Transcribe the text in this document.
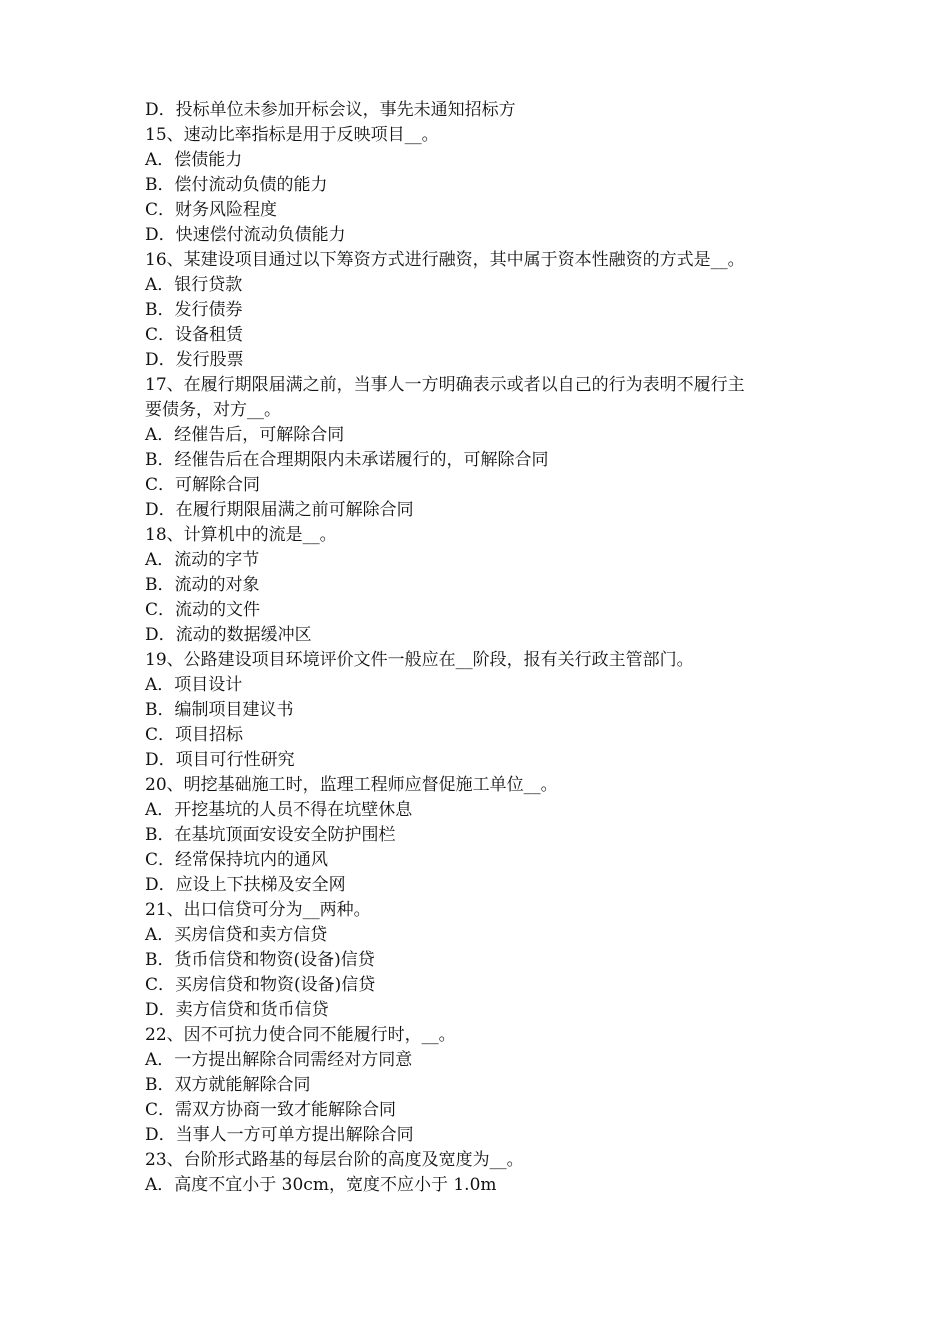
D．投标单位未参加开标会议，事先未通知招标方
15、速动比率指标是用于反映项目__。
A．偿债能力
B．偿付流动负债的能力
C．财务风险程度
D．快速偿付流动负债能力
16、某建设项目通过以下筹资方式进行融资，其中属于资本性融资的方式是__。
A．银行贷款
B．发行债券
C．设备租赁
D．发行股票
17、在履行期限届满之前，当事人一方明确表示或者以自己的行为表明不履行主
要债务，对方__。
A．经催告后，可解除合同
B．经催告后在合理期限内未承诺履行的，可解除合同
C．可解除合同
D．在履行期限届满之前可解除合同
18、计算机中的流是__。
A．流动的字节
B．流动的对象
C．流动的文件
D．流动的数据缓冲区
19、公路建设项目环境评价文件一般应在__阶段，报有关行政主管部门。
A．项目设计
B．编制项目建议书
C．项目招标
D．项目可行性研究
20、明挖基础施工时，监理工程师应督促施工单位__。
A．开挖基坑的人员不得在坑壁休息
B．在基坑顶面安设安全防护围栏
C．经常保持坑内的通风
D．应设上下扶梯及安全网
21、出口信贷可分为__两种。
A．买房信贷和卖方信贷
B．货币信贷和物资(设备)信贷
C．买房信贷和物资(设备)信贷
D．卖方信贷和货币信贷
22、因不可抗力使合同不能履行时，__。
A．一方提出解除合同需经对方同意
B．双方就能解除合同
C．需双方协商一致才能解除合同
D．当事人一方可单方提出解除合同
23、台阶形式路基的每层台阶的高度及宽度为__。
A．高度不宜小于 30cm，宽度不应小于 1.0m
